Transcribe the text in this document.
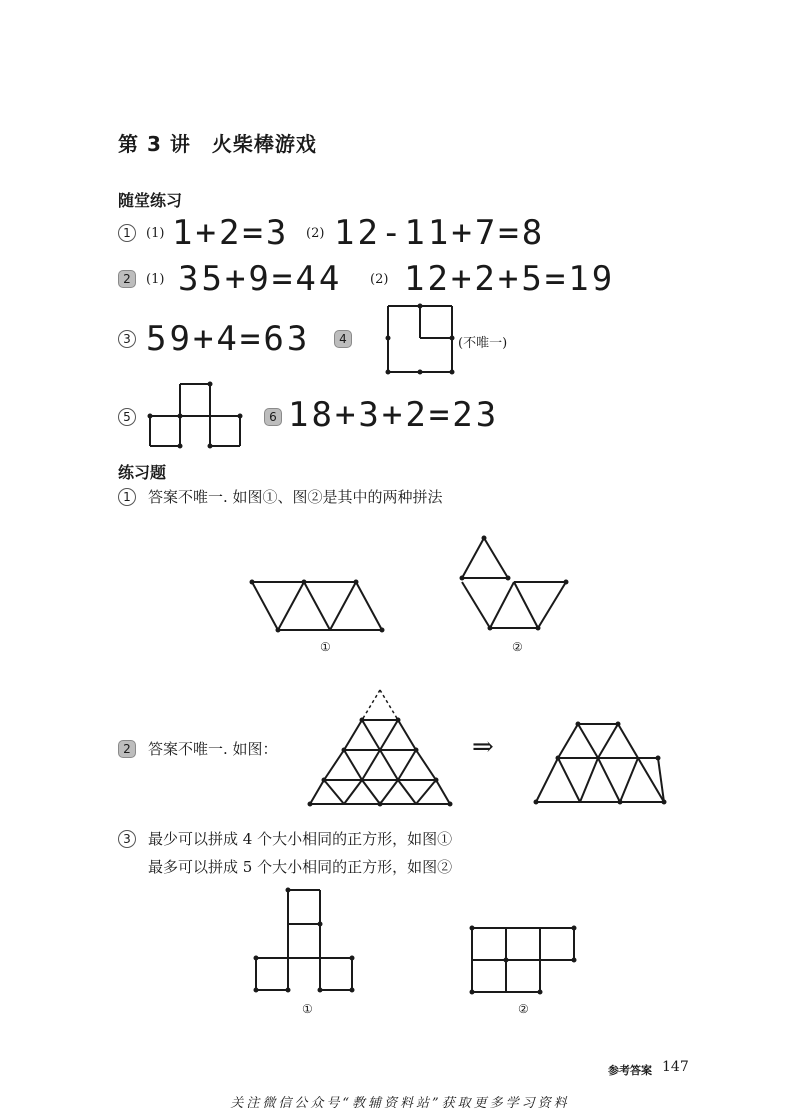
第 3 讲　火柴棒游戏
随堂练习
1	(1) 1+2=3 (2) 12-11+7=8
2	(1) 35+9=44 (2) 12+2+5=19
3 59+4=63	4	(不唯一)
5	6 18+3+2=23
练习题
1	答案不唯一. 如图①、图②是其中的两种拼法
①	②
2	答案不唯一. 如图：	⇒
3	最少可以拼成 4 个大小相同的正方形，如图①
最多可以拼成 5 个大小相同的正方形，如图②
①	②
参考答案 147
关注微信公众号“教辅资料站”获取更多学习资料
